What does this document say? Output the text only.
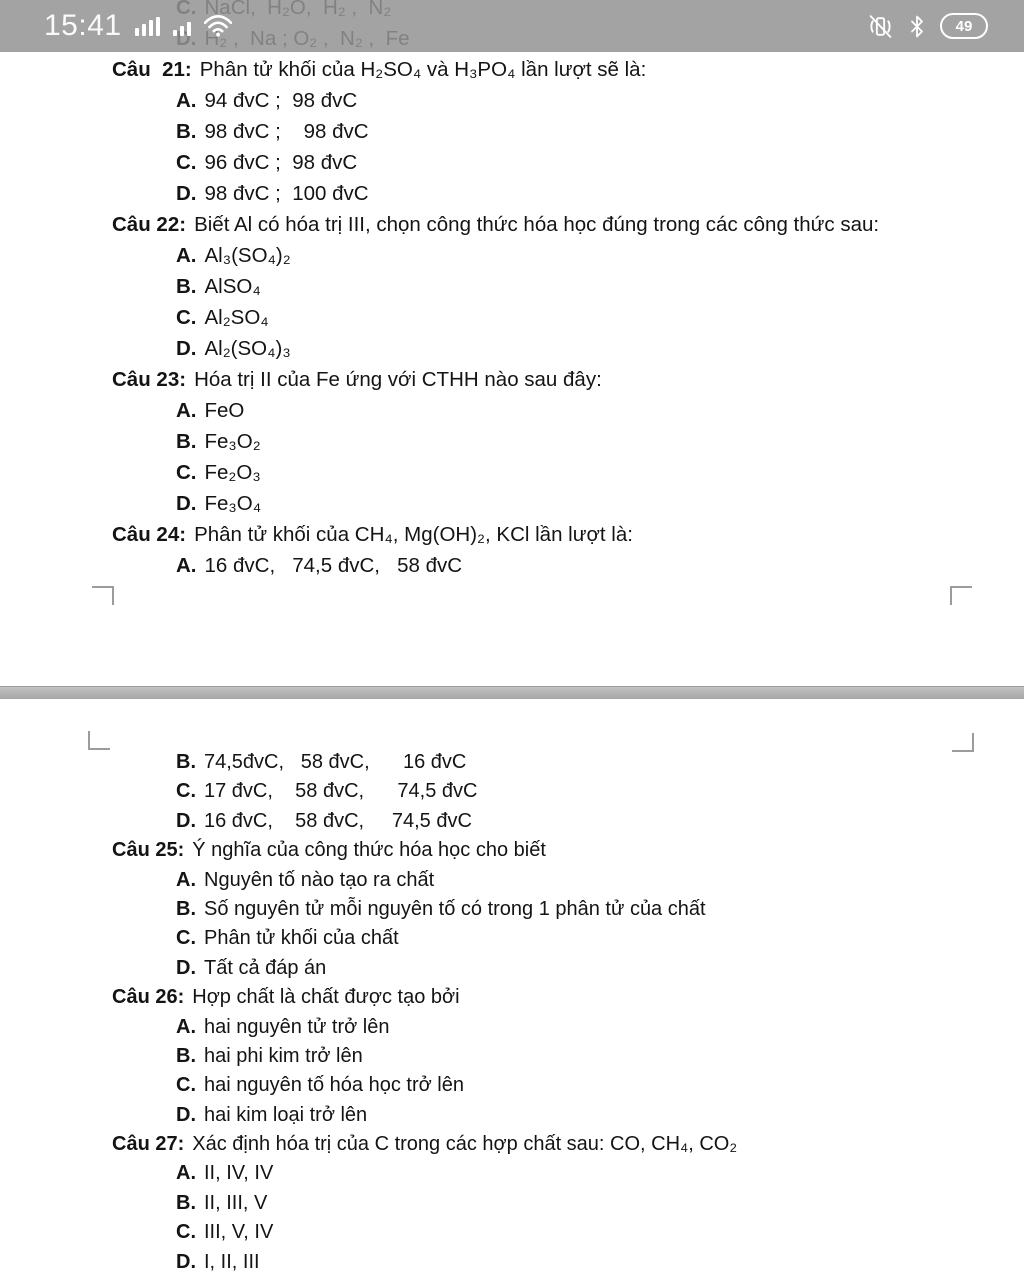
Câu  21: Phân tử khối của H₂SO₄ và H₃PO₄ lần lượt sẽ là:
A. 94 đvC ;  98 đvC
B. 98 đvC ;    98 đvC
C. 96 đvC ;  98 đvC
D. 98 đvC ;  100 đvC
Câu 22: Biết Al có hóa trị III, chọn công thức hóa học đúng trong các công thức sau:
A. Al₃(SO₄)₂
B. AlSO₄
C. Al₂SO₄
D. Al₂(SO₄)₃
Câu 23: Hóa trị II của Fe ứng với CTHH nào sau đây:
A. FeO
B. Fe₃O₂
C. Fe₂O₃
D. Fe₃O₄
Câu 24: Phân tử khối của CH₄, Mg(OH)₂, KCl lần lượt là:
A. 16 đvC,   74,5 đvC,   58 đvC
B. 74,5đvC,   58 đvC,      16 đvC
C. 17 đvC,    58 đvC,      74,5 đvC
D. 16 đvC,    58 đvC,     74,5 đvC
Câu 25: Ý nghĩa của công thức hóa học cho biết
A. Nguyên tố nào tạo ra chất
B. Số nguyên tử mỗi nguyên tố có trong 1 phân tử của chất
C. Phân tử khối của chất
D. Tất cả đáp án
Câu 26: Hợp chất là chất được tạo bởi
A. hai nguyên tử trở lên
B. hai phi kim trở lên
C. hai nguyên tố hóa học trở lên
D. hai kim loại trở lên
Câu 27: Xác định hóa trị của C trong các hợp chất sau: CO, CH₄, CO₂
A. II, IV, IV
B. II, III, V
C. III, V, IV
D. I, II, III
15:41	49
